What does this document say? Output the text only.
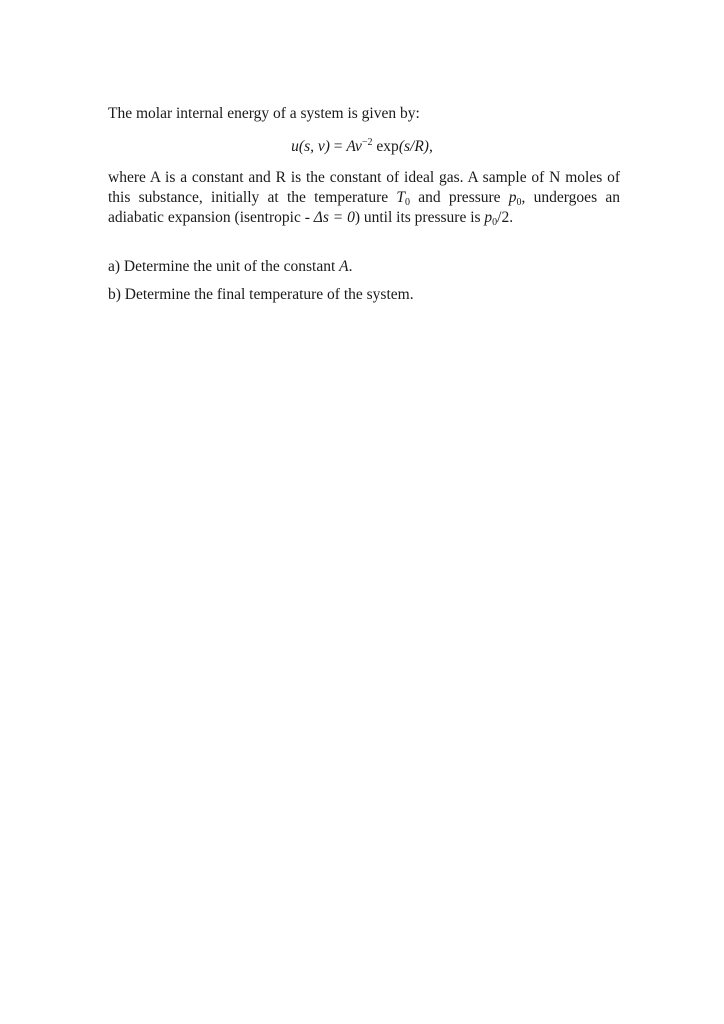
The molar internal energy of a system is given by:
u(s, $v) = Av^{-2}$ exp(s/R),
where A is a constant and R is the constant of ideal gas. A sample of N moles of this substance, initially at the temperature $T_0$ and pressure $p_0$, undergoes an adiabatic expansion (isentropic - Δs = 0) until its pressure is $p_0/2$.
a) Determine the unit of the constant A.
b) Determine the final temperature of the system.
